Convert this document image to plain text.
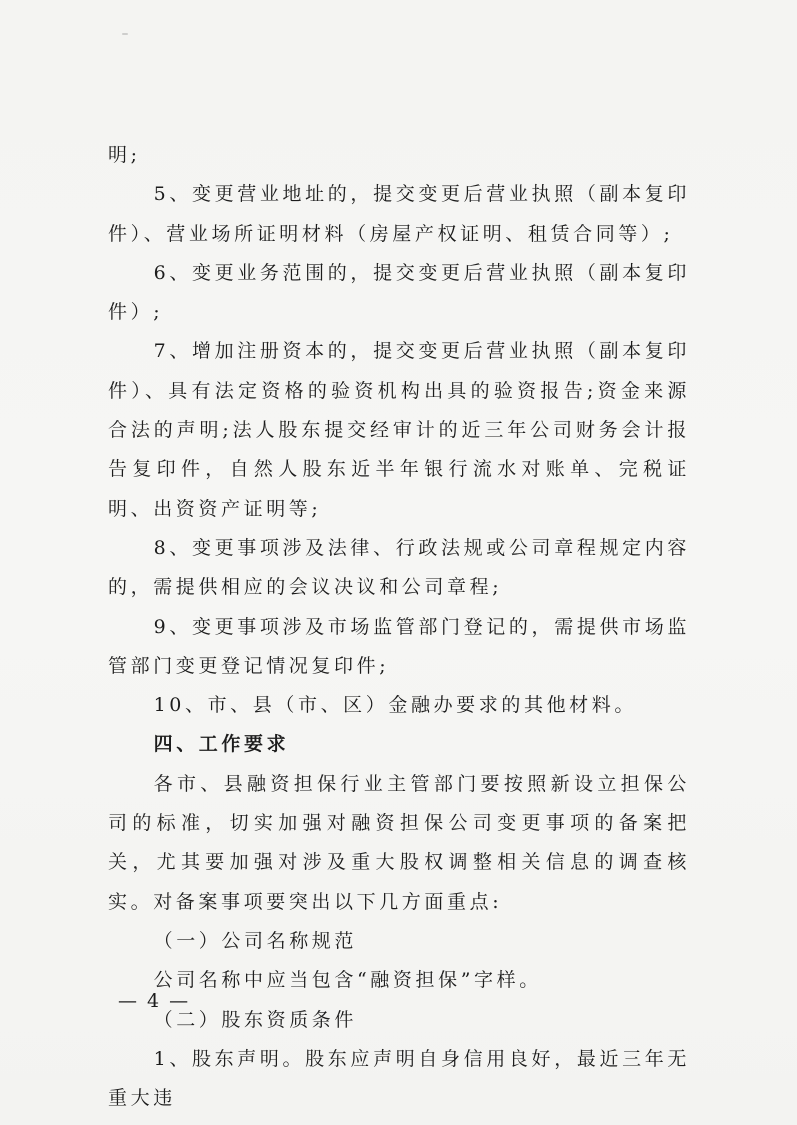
明;

5、变更营业地址的，提交变更后营业执照（副本复印件）、营业场所证明材料（房屋产权证明、租赁合同等）;

6、变更业务范围的，提交变更后营业执照（副本复印件）;

7、增加注册资本的，提交变更后营业执照（副本复印件）、具有法定资格的验资机构出具的验资报告;资金来源合法的声明;法人股东提交经审计的近三年公司财务会计报告复印件，自然人股东近半年银行流水对账单、完税证明、出资资产证明等;

8、变更事项涉及法律、行政法规或公司章程规定内容的，需提供相应的会议决议和公司章程;

9、变更事项涉及市场监管部门登记的，需提供市场监管部门变更登记情况复印件;

10、市、县（市、区）金融办要求的其他材料。

四、工作要求

各市、县融资担保行业主管部门要按照新设立担保公司的标准，切实加强对融资担保公司变更事项的备案把关，尤其要加强对涉及重大股权调整相关信息的调查核实。对备案事项要突出以下几方面重点:

（一）公司名称规范

公司名称中应当包含“融资担保”字样。

（二）股东资质条件

1、股东声明。股东应声明自身信用良好，最近三年无重大违

— 4 —
